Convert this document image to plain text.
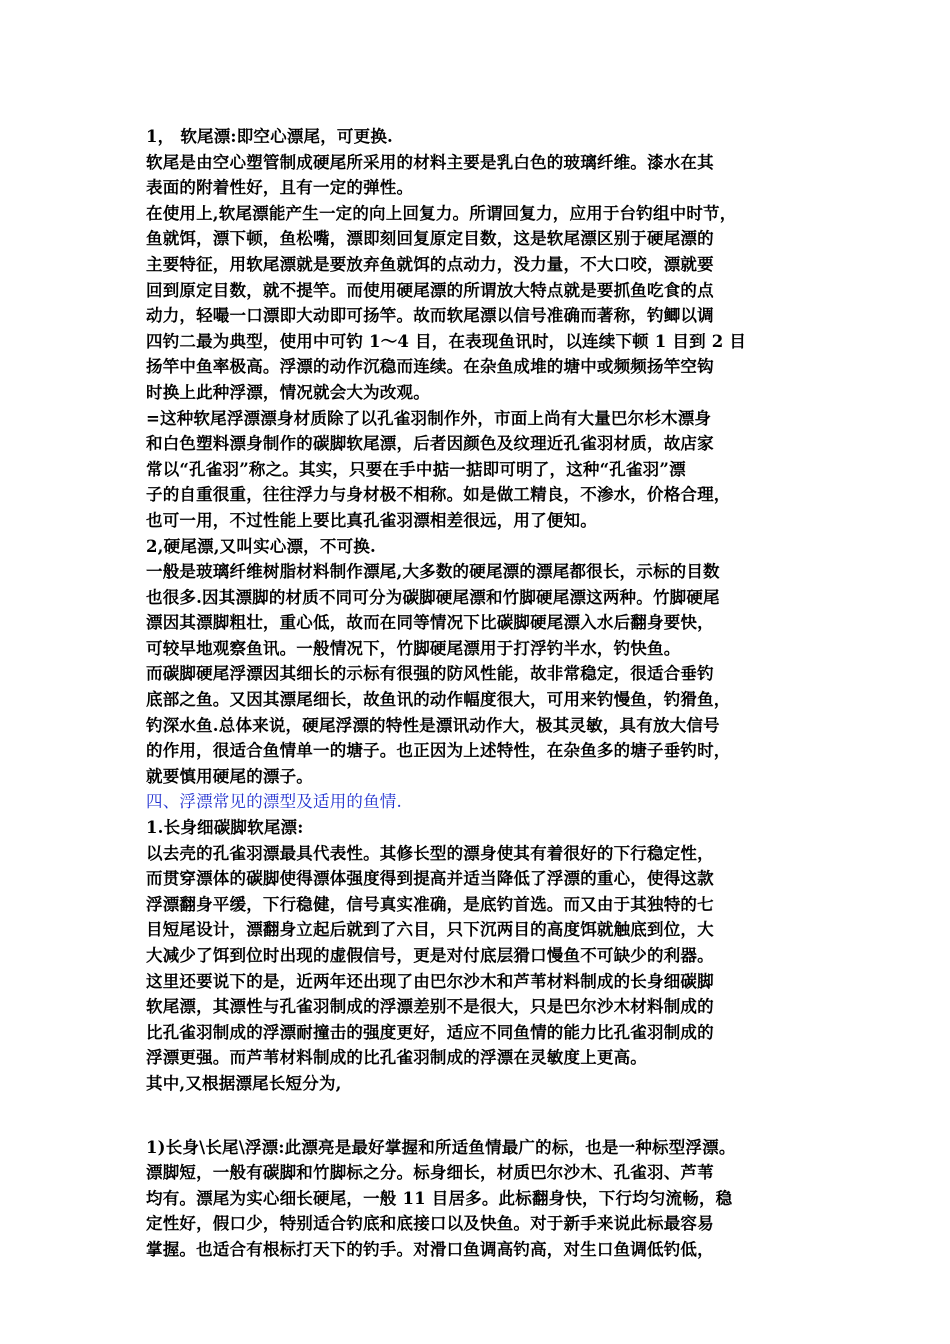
1， 软尾漂:即空心漂尾，可更换.
软尾是由空心塑管制成硬尾所采用的材料主要是乳白色的玻璃纤维。漆水在其
表面的附着性好，且有一定的弹性。
在使用上,软尾漂能产生一定的向上回复力。所谓回复力，应用于台钓组中时节，
鱼就饵，漂下顿，鱼松嘴，漂即刻回复原定目数，这是软尾漂区别于硬尾漂的
主要特征，用软尾漂就是要放弃鱼就饵的点动力，没力量，不大口咬，漂就要
回到原定目数，就不提竿。而使用硬尾漂的所谓放大特点就是要抓鱼吃食的点
动力，轻嘬一口漂即大动即可扬竿。故而软尾漂以信号准确而著称，钓鲫以调
四钓二最为典型，使用中可钓 1～4 目，在表现鱼讯时，以连续下顿 1 目到 2 目
扬竿中鱼率极高。浮漂的动作沉稳而连续。在杂鱼成堆的塘中或频频扬竿空钩
时换上此种浮漂，情况就会大为改观。
=这种软尾浮漂漂身材质除了以孔雀羽制作外，市面上尚有大量巴尔杉木漂身
和白色塑料漂身制作的碳脚软尾漂，后者因颜色及纹理近孔雀羽材质，故店家
常以“孔雀羽”称之。其实，只要在手中掂一掂即可明了，这种“孔雀羽”漂
子的自重很重，往往浮力与身材极不相称。如是做工精良，不渗水，价格合理，
也可一用，不过性能上要比真孔雀羽漂相差很远，用了便知。
2,硬尾漂,又叫实心漂，不可换.
一般是玻璃纤维树脂材料制作漂尾,大多数的硬尾漂的漂尾都很长，示标的目数
也很多.因其漂脚的材质不同可分为碳脚硬尾漂和竹脚硬尾漂这两种。竹脚硬尾
漂因其漂脚粗壮，重心低，故而在同等情况下比碳脚硬尾漂入水后翻身要快，
可较早地观察鱼讯。一般情况下，竹脚硬尾漂用于打浮钓半水，钓快鱼。
而碳脚硬尾浮漂因其细长的示标有很强的防风性能，故非常稳定，很适合垂钓
底部之鱼。又因其漂尾细长，故鱼讯的动作幅度很大，可用来钓慢鱼，钓猾鱼，
钓深水鱼.总体来说，硬尾浮漂的特性是漂讯动作大，极其灵敏，具有放大信号
的作用，很适合鱼情单一的塘子。也正因为上述特性，在杂鱼多的塘子垂钓时，
就要慎用硬尾的漂子。
四、浮漂常见的漂型及适用的鱼情.
1.长身细碳脚软尾漂:
以去壳的孔雀羽漂最具代表性。其修长型的漂身使其有着很好的下行稳定性，
而贯穿漂体的碳脚使得漂体强度得到提高并适当降低了浮漂的重心，使得这款
浮漂翻身平缓，下行稳健，信号真实准确，是底钓首选。而又由于其独特的七
目短尾设计，漂翻身立起后就到了六目，只下沉两目的高度饵就触底到位，大
大减少了饵到位时出现的虚假信号，更是对付底层猾口慢鱼不可缺少的利器。
这里还要说下的是，近两年还出现了由巴尔沙木和芦苇材料制成的长身细碳脚
软尾漂，其漂性与孔雀羽制成的浮漂差别不是很大，只是巴尔沙木材料制成的
比孔雀羽制成的浮漂耐撞击的强度更好，适应不同鱼情的能力比孔雀羽制成的
浮漂更强。而芦苇材料制成的比孔雀羽制成的浮漂在灵敏度上更高。
其中,又根据漂尾长短分为,
1)长身\长尾\浮漂:此漂亮是最好掌握和所适鱼情最广的标，也是一种标型浮漂。
漂脚短，一般有碳脚和竹脚标之分。标身细长，材质巴尔沙木、孔雀羽、芦苇
均有。漂尾为实心细长硬尾，一般 11 目居多。此标翻身快，下行均匀流畅，稳
定性好，假口少，特别适合钓底和底接口以及快鱼。对于新手来说此标最容易
掌握。也适合有根标打天下的钓手。对滑口鱼调高钓高，对生口鱼调低钓低，
